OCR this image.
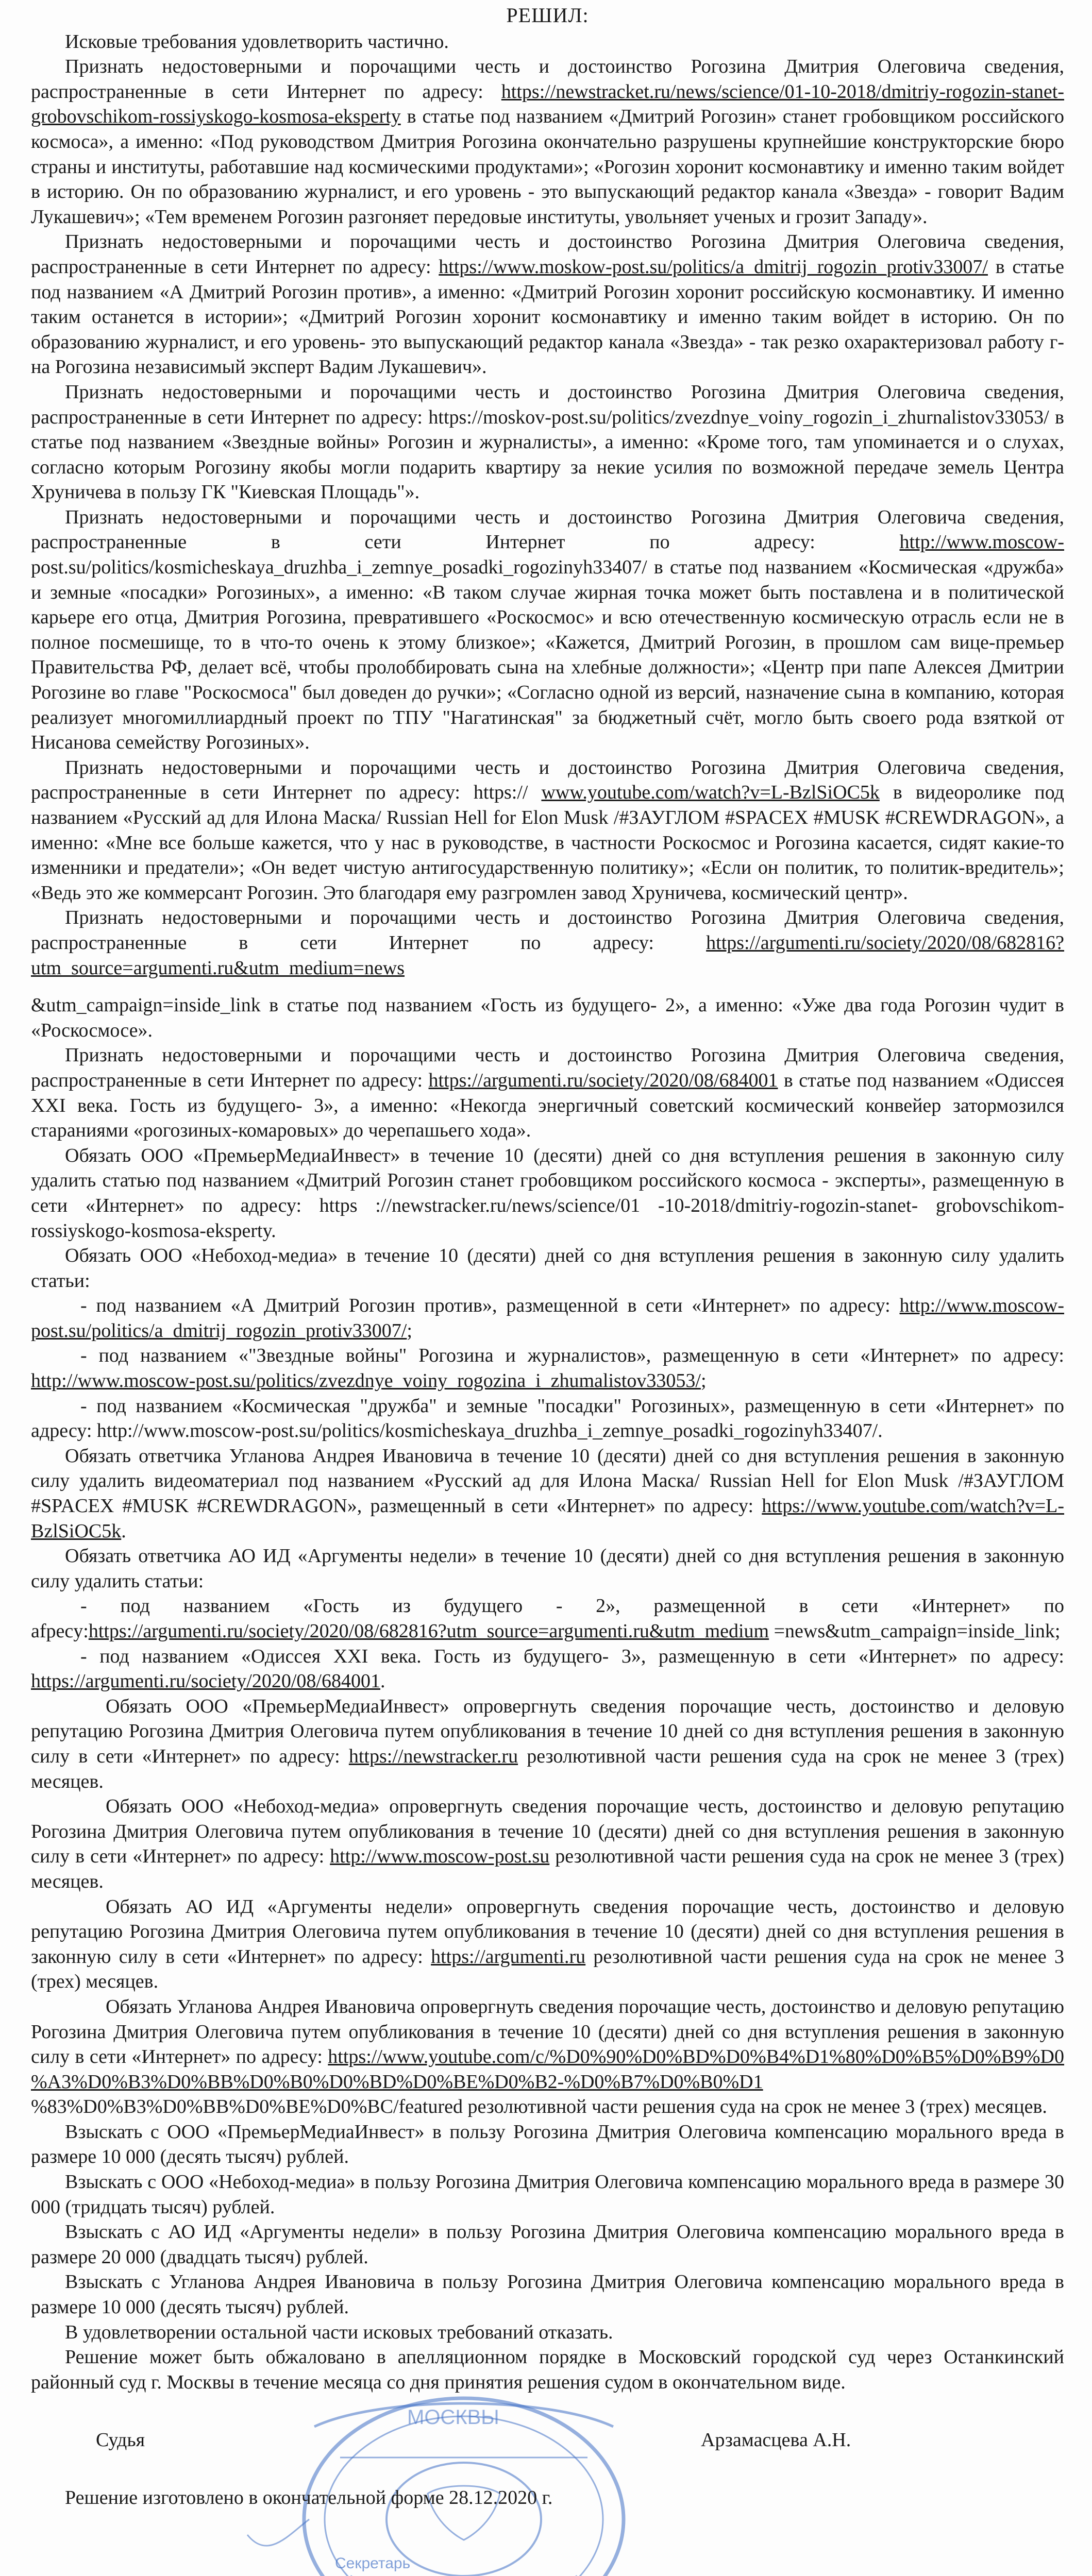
Секретарь
МОСКВЫ
РЕШИЛ:

Исковые требования удовлетворить частично.

Признать недостоверными и порочащими честь и достоинство Рогозина Дмитрия Олеговича сведения, распространенные в сети Интернет по адресу: https://newstracket.ru/news/science/01-10-2018/dmitriy-rogozin-stanet-grobovschikom-rossiyskogo-kosmosa-eksperty в статье под названием «Дмитрий Рогозин» станет гробовщиком российского космоса», а именно: «Под руководством Дмитрия Рогозина окончательно разрушены крупнейшие конструкторские бюро страны и институты, работавшие над космическими продуктами»; «Рогозин хоронит космонавтику и именно таким войдет в историю. Он по образованию журналист, и его уровень - это выпускающий редактор канала «Звезда» - говорит Вадим Лукашевич»; «Тем временем Рогозин разгоняет передовые институты, увольняет ученых и грозит Западу».

Признать недостоверными и порочащими честь и достоинство Рогозина Дмитрия Олеговича сведения, распространенные в сети Интернет по адресу: https://www.moskow-post.su/politics/a_dmitrij_rogozin_protiv33007/ в статье под названием «А Дмитрий Рогозин против», а именно: «Дмитрий Рогозин хоронит российскую космонавтику. И именно таким останется в истории»; «Дмитрий Рогозин хоронит космонавтику и именно таким войдет в историю. Он по образованию журналист, и его уровень- это выпускающий редактор канала «Звезда» - так резко охарактеризовал работу г-на Рогозина независимый эксперт Вадим Лукашевич».

Признать недостоверными и порочащими честь и достоинство Рогозина Дмитрия Олеговича сведения, распространенные в сети Интернет по адресу: https://moskov-post.su/politics/zvezdnye_voiny_rogozin_i_zhurnalistov33053/ в статье под названием «Звездные войны» Рогозин и журналисты», а именно: «Кроме того, там упоминается и о слухах, согласно которым Рогозину якобы могли подарить квартиру за некие усилия по возможной передаче земель Центра Хруничева в пользу ГК "Киевская Площадь"».

Признать недостоверными и порочащими честь и достоинство Рогозина Дмитрия Олеговича сведения, распространенные в сети Интернет по адресу: http://www.moscow- post.su/politics/kosmicheskaya_druzhba_i_zemnye_posadki_rogozinyh33407/ в статье под названием «Космическая «дружба» и земные «посадки» Рогозиных», а именно: «В таком случае жирная точка может быть поставлена и в политической карьере его отца, Дмитрия Рогозина, превратившего «Роскосмос» и всю отечественную космическую отрасль если не в полное посмешище, то в что-то очень к этому близкое»; «Кажется, Дмитрий Рогозин, в прошлом сам вице-премьер Правительства РФ, делает всё, чтобы пролоббировать сына на хлебные должности»; «Центр при папе Алексея Дмитрии Рогозине во главе "Роскосмоса" был доведен до ручки»; «Согласно одной из версий, назначение сына в компанию, которая реализует многомиллиардный проект по ТПУ "Нагатинская" за бюджетный счёт, могло быть своего рода взяткой от Нисанова семейству Рогозиных».

Признать недостоверными и порочащими честь и достоинство Рогозина Дмитрия Олеговича сведения, распространенные в сети Интернет по адресу: https:// www.youtube.com/watch?v=L-BzlSiOC5k в видеоролике под названием «Русский ад для Илона Маска/ Russian Hell for Elon Musk /#ЗАУГЛОМ #SPACEX #MUSK #CREWDRAGON», а именно: «Мне все больше кажется, что у нас в руководстве, в частности Роскосмос и Рогозина касается, сидят какие-то изменники и предатели»; «Он ведет чистую антигосударственную политику»; «Если он политик, то политик-вредитель»; «Ведь это же коммерсант Рогозин. Это благодаря ему разгромлен завод Хруничева, космический центр».

Признать недостоверными и порочащими честь и достоинство Рогозина Дмитрия Олеговича сведения, распространенные в сети Интернет по адресу: https://argumenti.ru/society/2020/08/682816?utm_source=argumenti.ru&utm_medium=news

&utm_campaign=inside_link в статье под названием «Гость из будущего- 2», а именно: «Уже два года Рогозин чудит в «Роскосмосе».

Признать недостоверными и порочащими честь и достоинство Рогозина Дмитрия Олеговича сведения, распространенные в сети Интернет по адресу: https://argumenti.ru/society/2020/08/684001 в статье под названием «Одиссея XXI века. Гость из будущего- 3», а именно: «Некогда энергичный советский космический конвейер затормозился стараниями «рогозиных-комаровых» до черепашьего хода».

Обязать ООО «ПремьерМедиаИнвест» в течение 10 (десяти) дней со дня вступления решения в законную силу удалить статью под названием «Дмитрий Рогозин станет гробовщиком российского космоса - эксперты», размещенную в сети «Интернет» по адресу: https ://newstracker.ru/news/science/01 -10-2018/dmitriy-rogozin-stanet- grobovschikom-rossiyskogo-kosmosa-eksperty.

Обязать ООО «Небоход-медиа» в течение 10 (десяти) дней со дня вступления решения в законную силу удалить статьи:

- под названием «А Дмитрий Рогозин против», размещенной в сети «Интернет» по адресу: http://www.moscow-post.su/politics/a_dmitrij_rogozin_protiv33007/;

- под названием «"Звездные войны" Рогозина и журналистов», размещенную в сети «Интернет» по адресу: http://www.moscow-post.su/politics/zvezdnye_voiny_rogozina_i_zhumalistov33053/;

- под названием «Космическая "дружба" и земные "посадки" Рогозиных», размещенную в сети «Интернет» по адресу: http://www.moscow-post.su/politics/kosmicheskaya_druzhba_i_zemnye_posadki_rogozinyh33407/.

Обязать ответчика Угланова Андрея Ивановича в течение 10 (десяти) дней со дня вступления решения в законную силу удалить видеоматериал под названием «Русский ад для Илона Маска/ Russian Hell for Elon Musk /#ЗАУГЛОМ #SPACEX #MUSK #CREWDRAGON», размещенный в сети «Интернет» по адресу: https://www.youtube.com/watch?v=L-BzlSiOC5k.

Обязать ответчика АО ИД «Аргументы недели» в течение 10 (десяти) дней со дня вступления решения в законную силу удалить статьи:

- под названием «Гость из будущего - 2», размещенной в сети «Интернет» по аfpecy:https://argumenti.ru/society/2020/08/682816?utm_source=argumenti.ru&utm_medium =news&utm_campaign=inside_link;

- под названием «Одиссея XXI века. Гость из будущего- 3», размещенную в сети «Интернет» по адресу: https://argumenti.ru/society/2020/08/684001.

Обязать ООО «ПремьерМедиаИнвест» опровергнуть сведения порочащие честь, достоинство и деловую репутацию Рогозина Дмитрия Олеговича путем опубликования в течение 10 дней со дня вступления решения в законную силу в сети «Интернет» по адресу: https://newstracker.ru резолютивной части решения суда на срок не менее 3 (трех) месяцев.

Обязать ООО «Небоход-медиа» опровергнуть сведения порочащие честь, достоинство и деловую репутацию Рогозина Дмитрия Олеговича путем опубликования в течение 10 (десяти) дней со дня вступления решения в законную силу в сети «Интернет» по адресу: http://www.moscow-post.su резолютивной части решения суда на срок не менее 3 (трех) месяцев.

Обязать АО ИД «Аргументы недели» опровергнуть сведения порочащие честь, достоинство и деловую репутацию Рогозина Дмитрия Олеговича путем опубликования в течение 10 (десяти) дней со дня вступления решения в законную силу в сети «Интернет» по адресу: https://argumenti.ru резолютивной части решения суда на срок не менее 3 (трех) месяцев.

Обязать Угланова Андрея Ивановича опровергнуть сведения порочащие честь, достоинство и деловую репутацию Рогозина Дмитрия Олеговича путем опубликования в течение 10 (десяти) дней со дня вступления решения в законную силу в сети «Интернет» по адресу: https://www.youtube.com/c/%D0%90%D0%BD%D0%B4%D1%80%D0%B5%D0%B9%D0 %A3%D0%B3%D0%BB%D0%B0%D0%BD%D0%BE%D0%B2-%D0%B7%D0%B0%D1 %83%D0%B3%D0%BB%D0%BE%D0%BC/featured резолютивной части решения суда на срок не менее 3 (трех) месяцев.

Взыскать с ООО «ПремьерМедиаИнвест» в пользу Рогозина Дмитрия Олеговича компенсацию морального вреда в размере 10 000 (десять тысяч) рублей.

Взыскать с ООО «Небоход-медиа» в пользу Рогозина Дмитрия Олеговича компенсацию морального вреда в размере 30 000 (тридцать тысяч) рублей.

Взыскать с АО ИД «Аргументы недели» в пользу Рогозина Дмитрия Олеговича компенсацию морального вреда в размере 20 000 (двадцать тысяч) рублей.

Взыскать с Угланова Андрея Ивановича в пользу Рогозина Дмитрия Олеговича компенсацию морального вреда в размере 10 000 (десять тысяч) рублей.

В удовлетворении остальной части исковых требований отказать.

Решение может быть обжаловано в апелляционном порядке в Московский городской суд через Останкинский районный суд г. Москвы в течение месяца со дня принятия решения судом в окончательном виде.

Судья	Арзамасцева А.Н.

Решение изготовлено в окончательной форме 28.12.2020 г.
